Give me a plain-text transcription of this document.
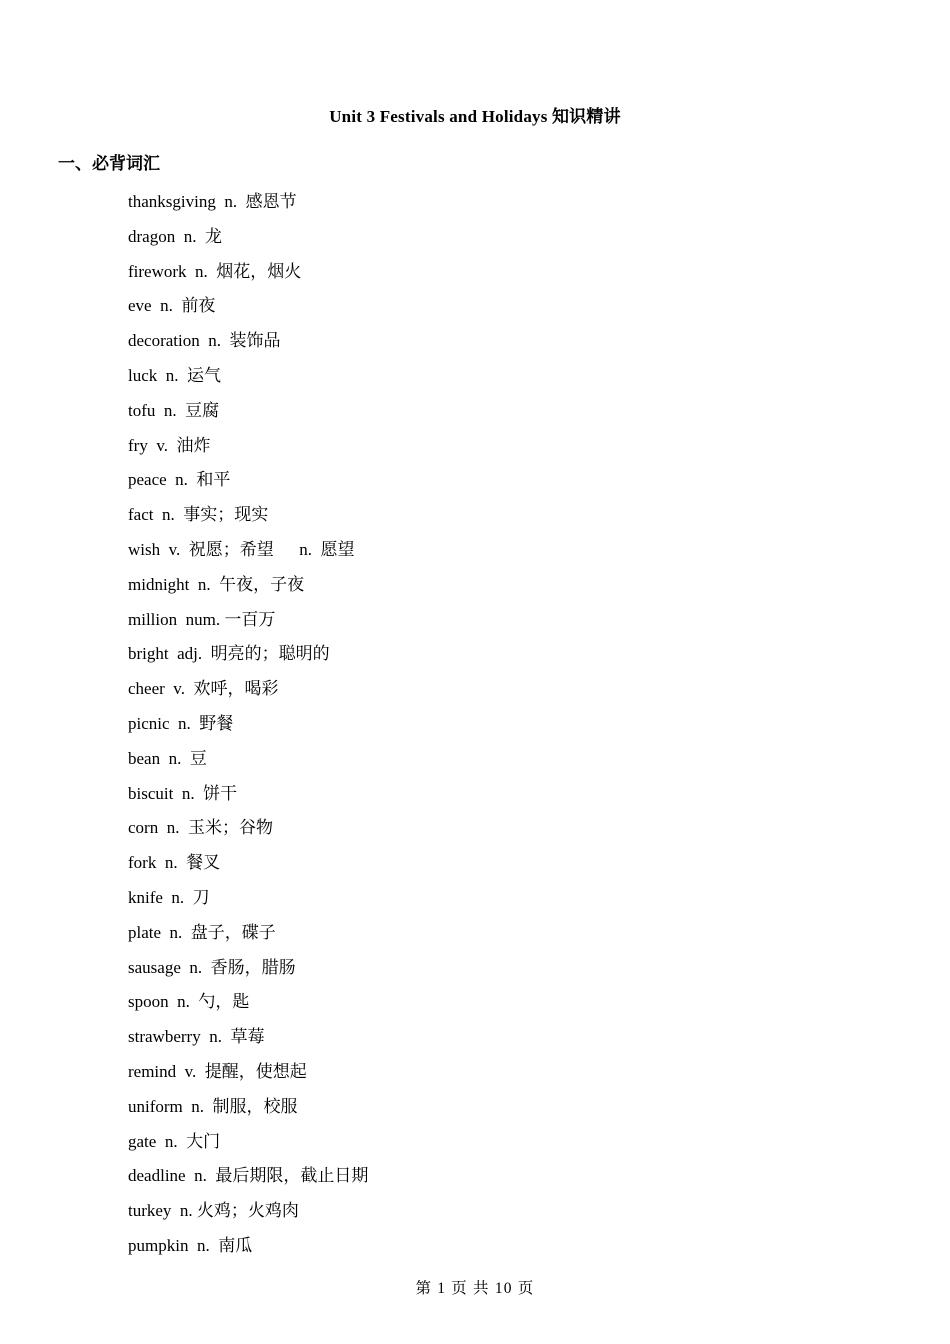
Unit 3 Festivals and Holidays 知识精讲
一、必背词汇
thanksgiving  n.  感恩节
dragon  n.  龙
firework  n.  烟花，烟火
eve  n.  前夜
decoration  n.  装饰品
luck  n.  运气
tofu  n.  豆腐
fry  v.  油炸
peace  n.  和平
fact  n.  事实；现实
wish  v.  祝愿；希望      n.  愿望
midnight  n.  午夜，子夜
million  num. 一百万
bright  adj.  明亮的；聪明的
cheer  v.  欢呼，喝彩
picnic  n.  野餐
bean  n.  豆
biscuit  n.  饼干
corn  n.  玉米；谷物
fork  n.  餐叉
knife  n.  刀
plate  n.  盘子，碟子
sausage  n.  香肠，腊肠
spoon  n.  勺，匙
strawberry  n.  草莓
remind  v.  提醒，使想起
uniform  n.  制服，校服
gate  n.  大门
deadline  n.  最后期限，截止日期
turkey  n. 火鸡；火鸡肉
pumpkin  n.  南瓜
第 1 页 共 10 页
